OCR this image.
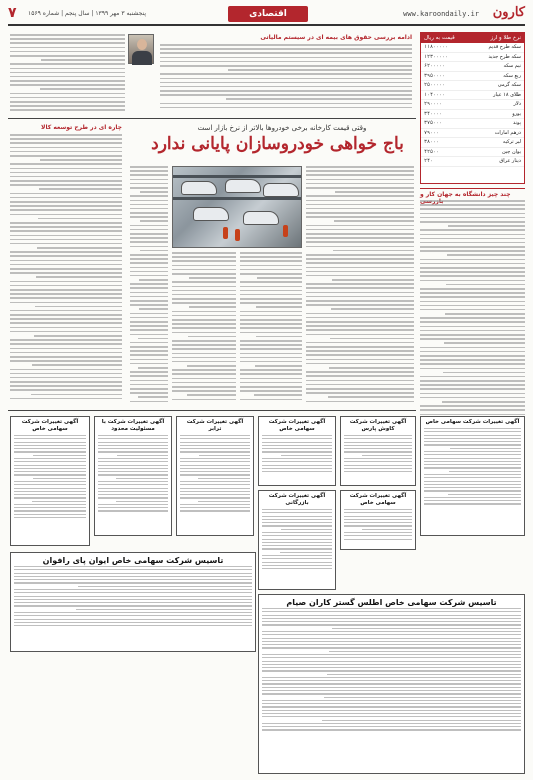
۷ پنجشنبه ۳ مهر ۱۳۹۹ | سال پنجم | شماره ۱۵۶۹	اقتصادی	www.karoondaily.ir کارون
قیمت به ریال	نرخ طلا و ارز
۱۱۸۰۰۰۰۰	سکه طرح قدیم
۱۲۳۰۰۰۰۰	سکه طرح جدید
۶۲۰۰۰۰۰	نیم سکه
۳۹۵۰۰۰۰	ربع سکه
۲۵۰۰۰۰۰	سکه گرمی
۱۰۴۰۰۰۰	طلای ۱۸ عیار
۲۹۰۰۰۰	دلار
۳۴۰۰۰۰	یورو
۳۷۵۰۰۰	پوند
۷۹۰۰۰	درهم امارات
۳۸۰۰۰	لیر ترکیه
۴۲۵۰۰	یوان چین
۲۴۰	دینار عراق
چند چیز دانشگاه به جهان کار و
ادامه بررسی حقوق های بیمه ای در سیستم مالیاتی
وقتی قیمت کارخانه برخی خودروها بالاتر از نرخ بازار است
باج خواهی خودروسازان پایانی ندارد
چاره ای در طرح توسعه کالا
آگهی تغییرات شرکت سهامی خاص
آگهی تغییرات شرکت کاوش پارس
آگهی تغییرات شرکت سهامی خاص
آگهی تغییرات شرکت ترابر
آگهی تغییرات شرکت با مسئولیت محدود
آگهی تغییرات شرکت سهامی خاص
آگهی تغییرات شرکت سهامی خاص
آگهی تغییرات شرکت بازرگانی
تاسیس شرکت سهامی خاص ایوان پای رافوان
تاسیس شرکت سهامی خاص اطلس گستر کاران صیام
